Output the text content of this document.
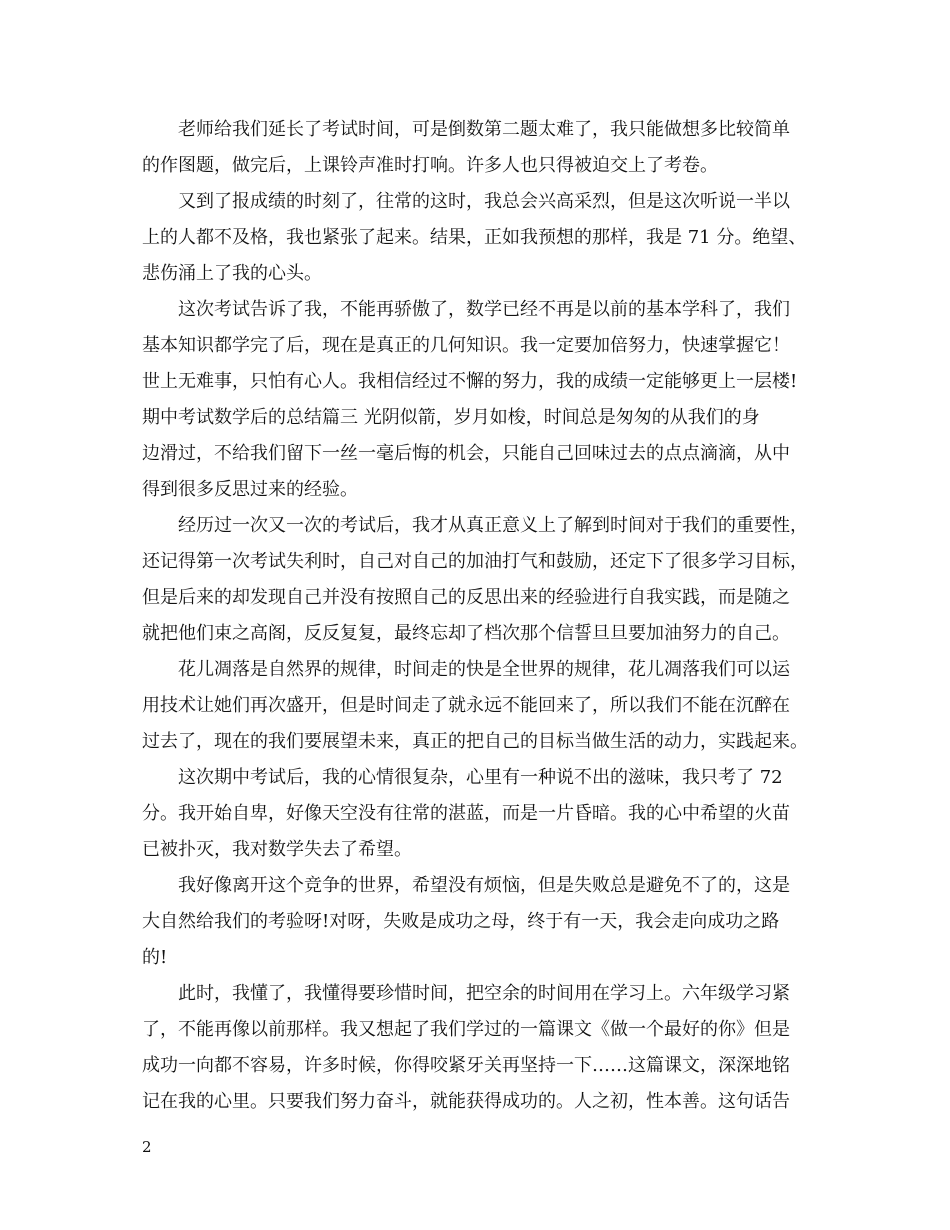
老师给我们延长了考试时间，可是倒数第二题太难了，我只能做想多比较简单
的作图题，做完后，上课铃声准时打响。许多人也只得被迫交上了考卷。
又到了报成绩的时刻了，往常的这时，我总会兴高采烈，但是这次听说一半以
上的人都不及格，我也紧张了起来。结果，正如我预想的那样，我是 71 分。绝望、
悲伤涌上了我的心头。
这次考试告诉了我，不能再骄傲了，数学已经不再是以前的基本学科了，我们
基本知识都学完了后，现在是真正的几何知识。我一定要加倍努力，快速掌握它！
世上无难事，只怕有心人。我相信经过不懈的努力，我的成绩一定能够更上一层楼!
期中考试数学后的总结篇三 光阴似箭，岁月如梭，时间总是匆匆的从我们的身
边滑过，不给我们留下一丝一毫后悔的机会，只能自己回味过去的点点滴滴，从中
得到很多反思过来的经验。
经历过一次又一次的考试后，我才从真正意义上了解到时间对于我们的重要性，
还记得第一次考试失利时，自己对自己的加油打气和鼓励，还定下了很多学习目标，
但是后来的却发现自己并没有按照自己的反思出来的经验进行自我实践，而是随之
就把他们束之高阁，反反复复，最终忘却了档次那个信誓旦旦要加油努力的自己。
花儿凋落是自然界的规律，时间走的快是全世界的规律，花儿凋落我们可以运
用技术让她们再次盛开，但是时间走了就永远不能回来了，所以我们不能在沉醉在
过去了，现在的我们要展望未来，真正的把自己的目标当做生活的动力，实践起来。
这次期中考试后，我的心情很复杂，心里有一种说不出的滋味，我只考了 72
分。我开始自卑，好像天空没有往常的湛蓝，而是一片昏暗。我的心中希望的火苗
已被扑灭，我对数学失去了希望。
我好像离开这个竞争的世界，希望没有烦恼，但是失败总是避免不了的，这是
大自然给我们的考验呀!对呀，失败是成功之母，终于有一天，我会走向成功之路
的!
此时，我懂了，我懂得要珍惜时间，把空余的时间用在学习上。六年级学习紧
了，不能再像以前那样。我又想起了我们学过的一篇课文《做一个最好的你》但是
成功一向都不容易，许多时候，你得咬紧牙关再坚持一下……这篇课文，深深地铭
记在我的心里。只要我们努力奋斗，就能获得成功的。人之初，性本善。这句话告
2
